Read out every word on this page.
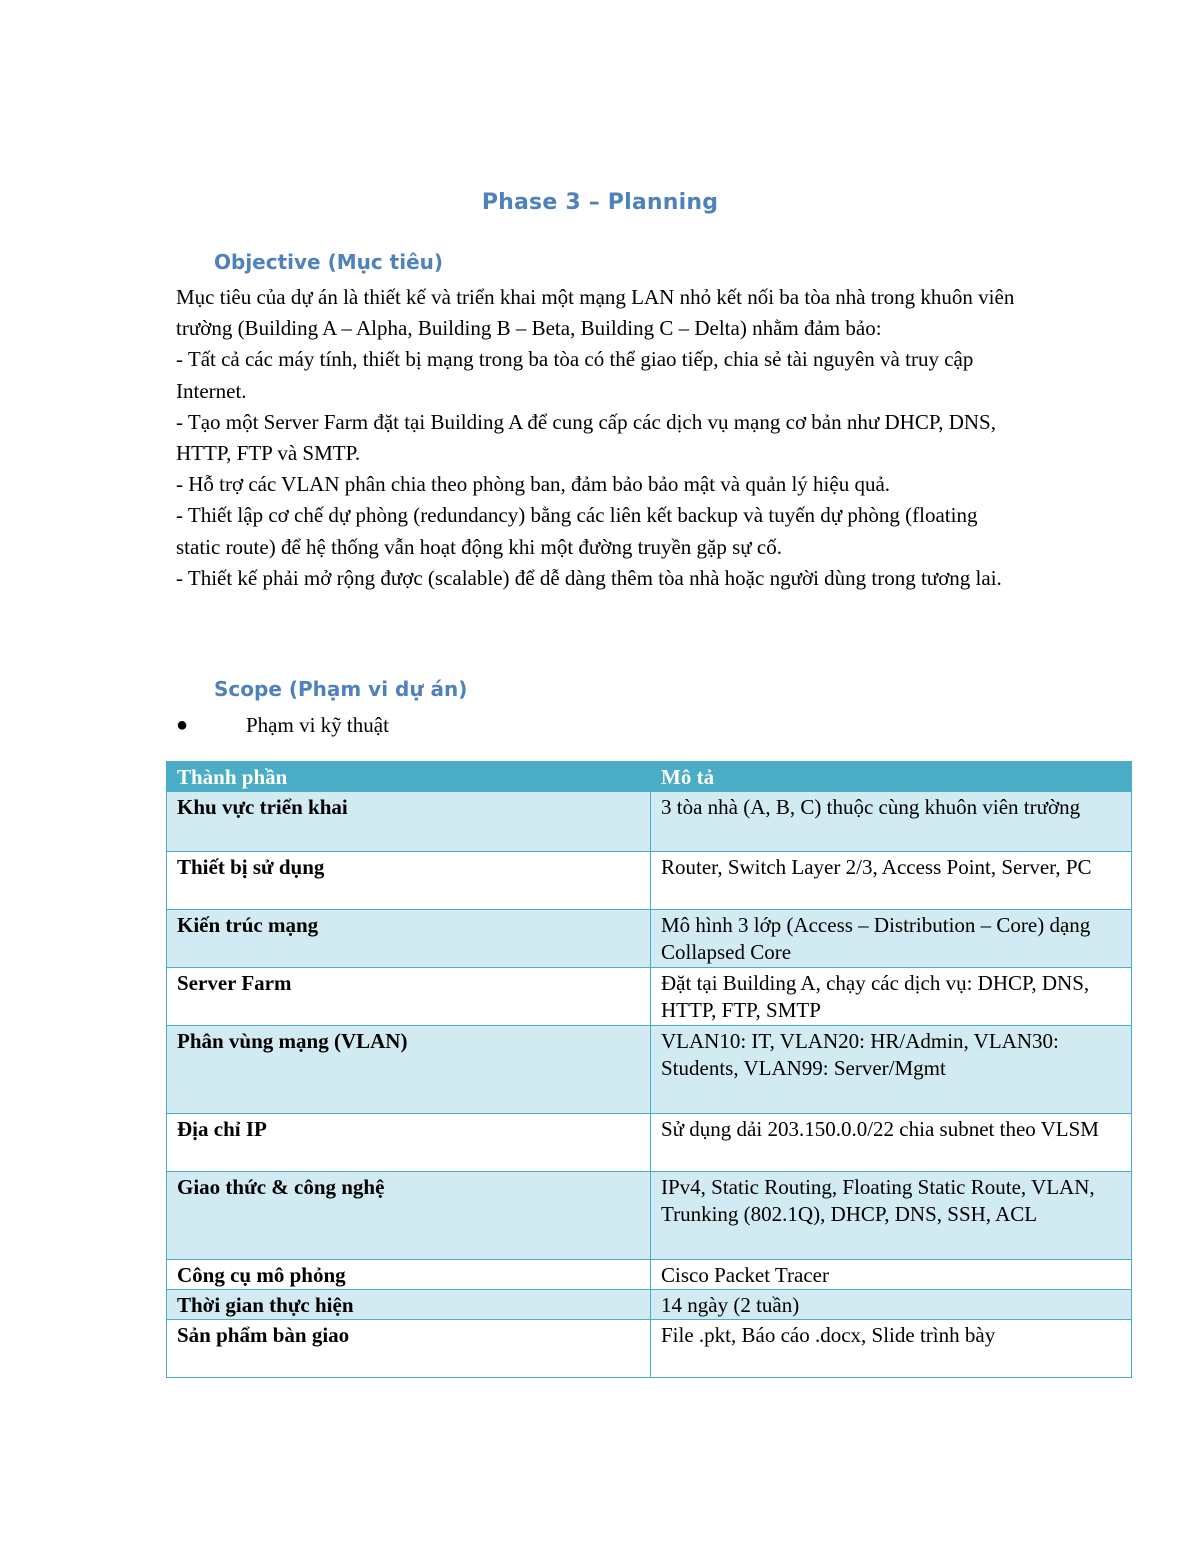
Phase 3 – Planning
Objective (Mục tiêu)

Mục tiêu của dự án là thiết kế và triển khai một mạng LAN nhỏ kết nối ba tòa nhà trong khuôn viên trường (Building A – Alpha, Building B – Beta, Building C – Delta) nhằm đảm bảo:

- Tất cả các máy tính, thiết bị mạng trong ba tòa có thể giao tiếp, chia sẻ tài nguyên và truy cập Internet.

- Tạo một Server Farm đặt tại Building A để cung cấp các dịch vụ mạng cơ bản như DHCP, DNS, HTTP, FTP và SMTP.

- Hỗ trợ các VLAN phân chia theo phòng ban, đảm bảo bảo mật và quản lý hiệu quả.

- Thiết lập cơ chế dự phòng (redundancy) bằng các liên kết backup và tuyến dự phòng (floating static route) để hệ thống vẫn hoạt động khi một đường truyền gặp sự cố.

- Thiết kế phải mở rộng được (scalable) để dễ dàng thêm tòa nhà hoặc người dùng trong tương lai.

Scope (Phạm vi dự án)
●	Phạm vi kỹ thuật
Thành phần	Mô tả
Khu vực triển khai	3 tòa nhà (A, B, C) thuộc cùng khuôn viên trường
Thiết bị sử dụng	Router, Switch Layer 2/3, Access Point, Server, PC
Kiến trúc mạng	Mô hình 3 lớp (Access – Distribution – Core) dạng Collapsed Core
Server Farm	Đặt tại Building A, chạy các dịch vụ: DHCP, DNS, HTTP, FTP, SMTP
Phân vùng mạng (VLAN)	VLAN10: IT, VLAN20: HR/Admin, VLAN30: Students, VLAN99: Server/Mgmt
Địa chỉ IP	Sử dụng dải 203.150.0.0/22 chia subnet theo VLSM
Giao thức & công nghệ	IPv4, Static Routing, Floating Static Route, VLAN, Trunking (802.1Q), DHCP, DNS, SSH, ACL
Công cụ mô phỏng	Cisco Packet Tracer
Thời gian thực hiện	14 ngày (2 tuần)
Sản phẩm bàn giao	File .pkt, Báo cáo .docx, Slide trình bày
